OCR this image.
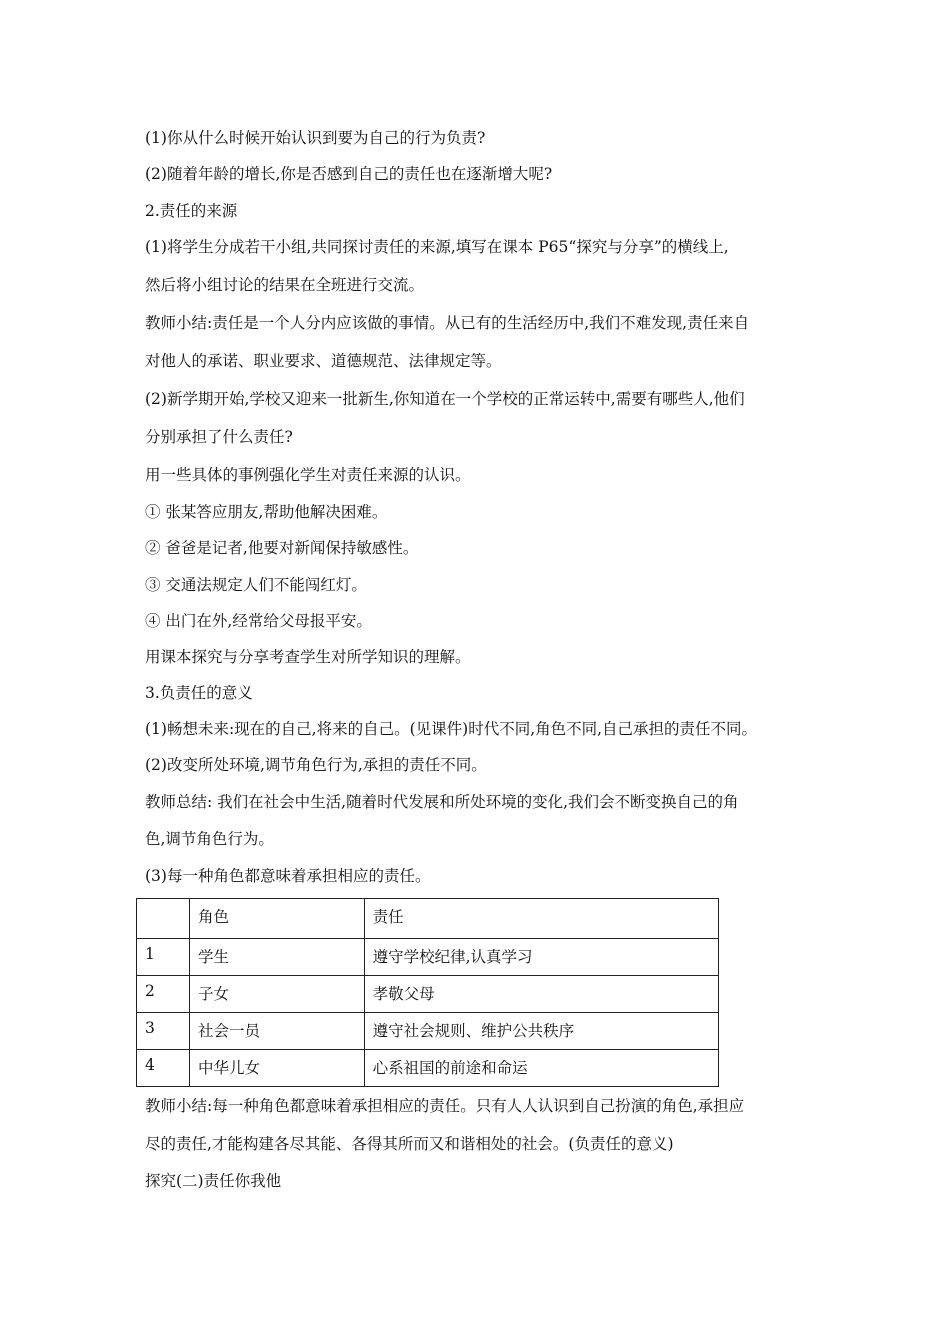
(1)你从什么时候开始认识到要为自己的行为负责?

(2)随着年龄的增长,你是否感到自己的责任也在逐渐增大呢?

2.责任的来源

(1)将学生分成若干小组,共同探讨责任的来源,填写在课本 P65“探究与分享”的横线上,

然后将小组讨论的结果在全班进行交流。

教师小结:责任是一个人分内应该做的事情。从已有的生活经历中,我们不难发现,责任来自

对他人的承诺、职业要求、道德规范、法律规定等。

(2)新学期开始,学校又迎来一批新生,你知道在一个学校的正常运转中,需要有哪些人,他们

分别承担了什么责任?

用一些具体的事例强化学生对责任来源的认识。

① 张某答应朋友,帮助他解决困难。

② 爸爸是记者,他要对新闻保持敏感性。

③ 交通法规定人们不能闯红灯。

④ 出门在外,经常给父母报平安。

用课本探究与分享考查学生对所学知识的理解。

3.负责任的意义

(1)畅想未来:现在的自己,将来的自己。(见课件)时代不同,角色不同,自己承担的责任不同。

(2)改变所处环境,调节角色行为,承担的责任不同。

教师总结: 我们在社会中生活,随着时代发展和所处环境的变化,我们会不断变换自己的角

色,调节角色行为。

(3)每一种角色都意味着承担相应的责任。

	角色	责任

1	学生	遵守学校纪律,认真学习

2	子女	孝敬父母

3	社会一员	遵守社会规则、维护公共秩序

4	中华儿女	心系祖国的前途和命运

教师小结:每一种角色都意味着承担相应的责任。只有人人认识到自己扮演的角色,承担应

尽的责任,才能构建各尽其能、各得其所而又和谐相处的社会。(负责任的意义)

探究(二)责任你我他
